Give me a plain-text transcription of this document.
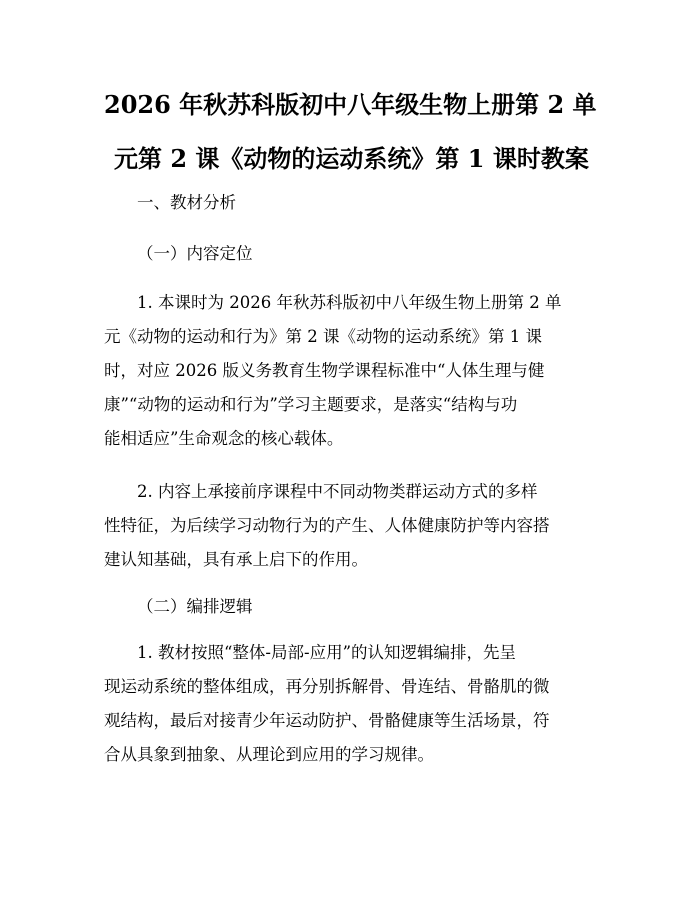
2026 年秋苏科版初中八年级生物上册第 2 单
元第 2 课《动物的运动系统》第 1 课时教案
一、教材分析
（一）内容定位
1. 本课时为 2026 年秋苏科版初中八年级生物上册第 2 单
元《动物的运动和行为》第 2 课《动物的运动系统》第 1 课
时，对应 2026 版义务教育生物学课程标准中“人体生理与健
康”“动物的运动和行为”学习主题要求，是落实“结构与功
能相适应”生命观念的核心载体。
2. 内容上承接前序课程中不同动物类群运动方式的多样
性特征，为后续学习动物行为的产生、人体健康防护等内容搭
建认知基础，具有承上启下的作用。
（二）编排逻辑
1. 教材按照“整体-局部-应用”的认知逻辑编排，先呈
现运动系统的整体组成，再分别拆解骨、骨连结、骨骼肌的微
观结构，最后对接青少年运动防护、骨骼健康等生活场景，符
合从具象到抽象、从理论到应用的学习规律。
